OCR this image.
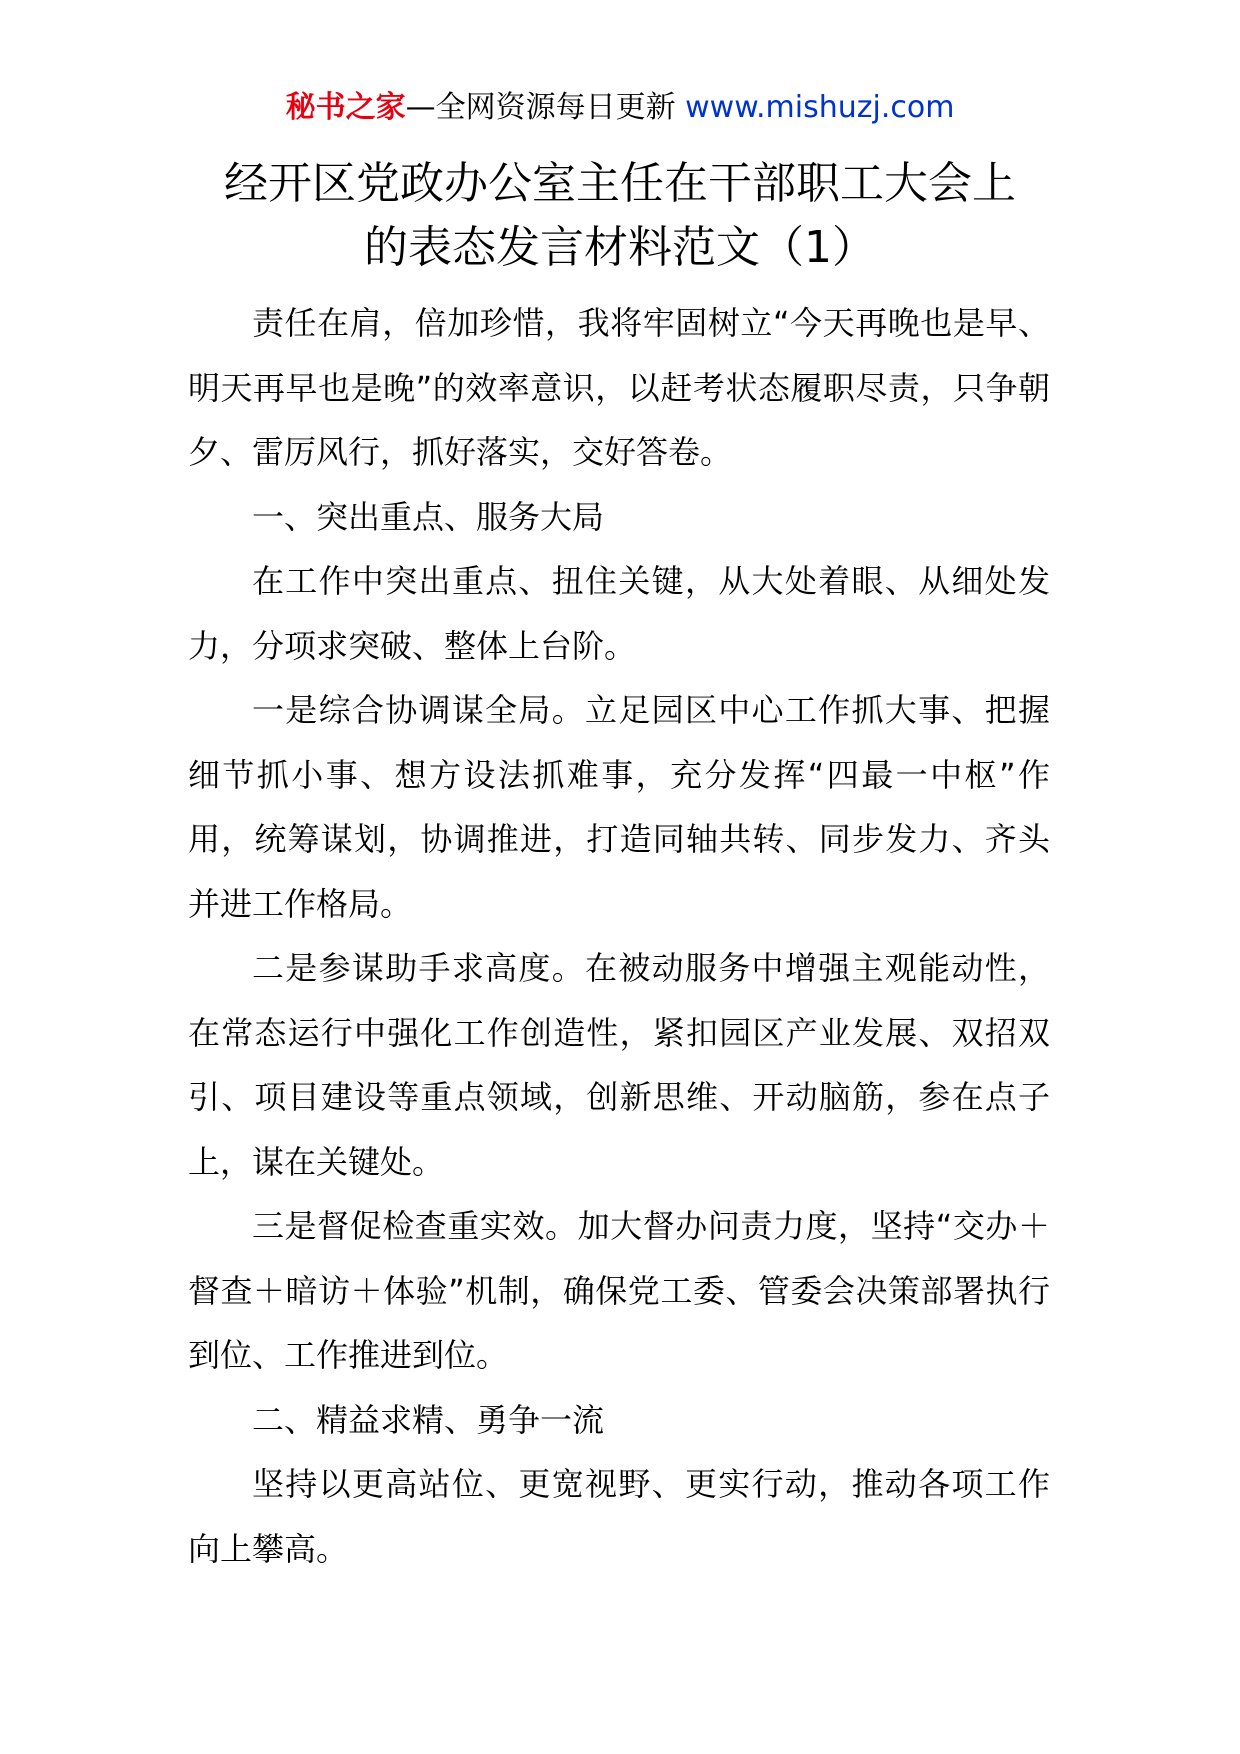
秘书之家—全网资源每日更新 www.mishuzj.com
经开区党政办公室主任在干部职工大会上
的表态发言材料范文（1）

责任在肩，倍加珍惜，我将牢固树立“今天再晚也是早、明天再早也是晚”的效率意识，以赶考状态履职尽责，只争朝夕、雷厉风行，抓好落实，交好答卷。

一、突出重点、服务大局

在工作中突出重点、扭住关键，从大处着眼、从细处发力，分项求突破、整体上台阶。

一是综合协调谋全局。立足园区中心工作抓大事、把握细节抓小事、想方设法抓难事，充分发挥“四最一中枢”作用，统筹谋划，协调推进，打造同轴共转、同步发力、齐头并进工作格局。

二是参谋助手求高度。在被动服务中增强主观能动性，在常态运行中强化工作创造性，紧扣园区产业发展、双招双引、项目建设等重点领域，创新思维、开动脑筋，参在点子上，谋在关键处。

三是督促检查重实效。加大督办问责力度，坚持“交办＋督查＋暗访＋体验”机制，确保党工委、管委会决策部署执行到位、工作推进到位。

二、精益求精、勇争一流

坚持以更高站位、更宽视野、更实行动，推动各项工作向上攀高。
